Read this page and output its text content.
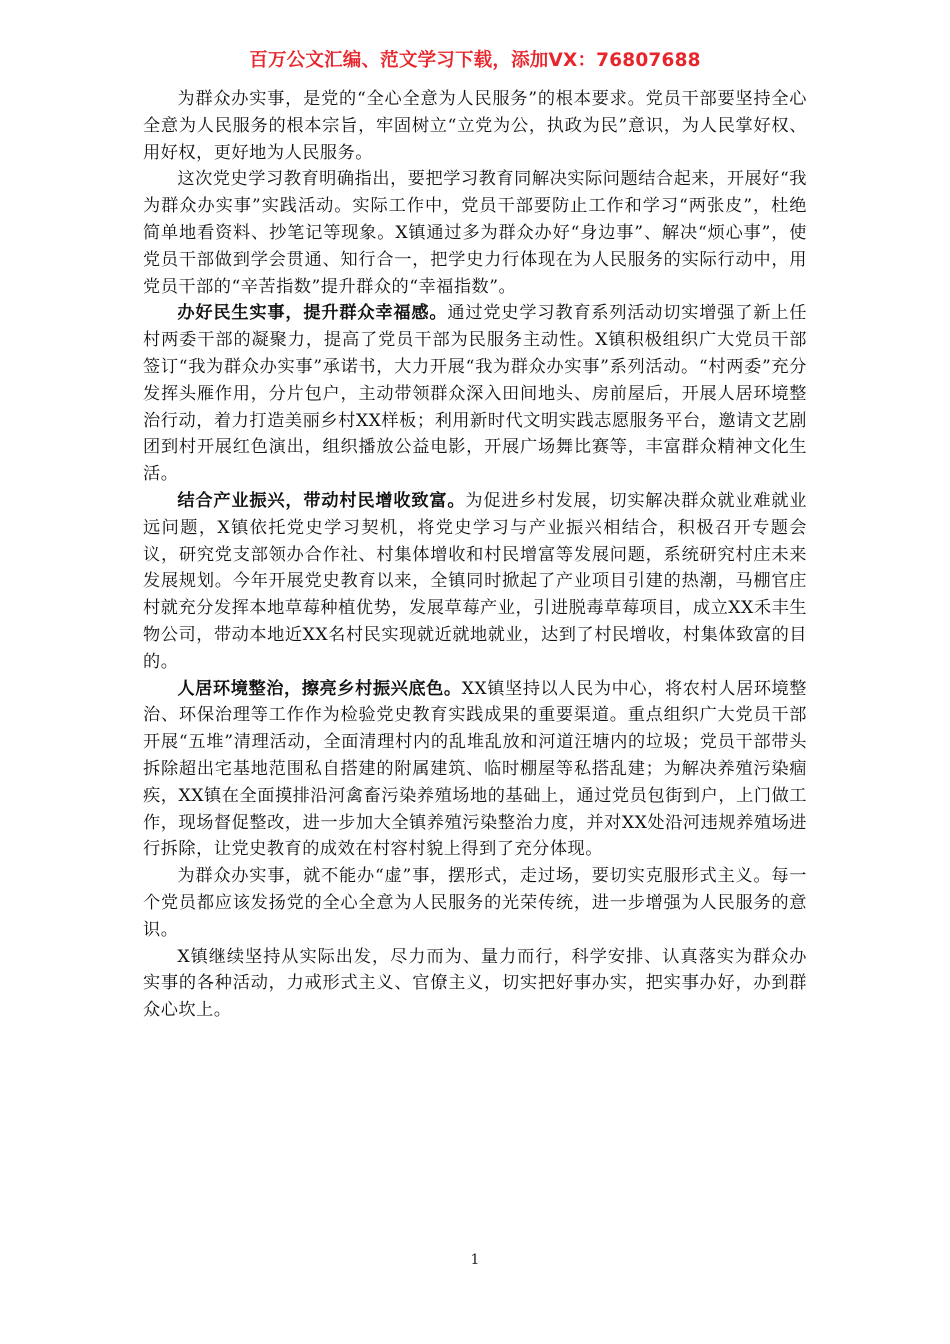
百万公文汇编、范文学习下载，添加VX：76807688

为群众办实事，是党的“全心全意为人民服务”的根本要求。党员干部要坚持全心全意为人民服务的根本宗旨，牢固树立“立党为公，执政为民”意识，为人民掌好权、用好权，更好地为人民服务。

这次党史学习教育明确指出，要把学习教育同解决实际问题结合起来，开展好“我为群众办实事”实践活动。实际工作中，党员干部要防止工作和学习“两张皮”，杜绝简单地看资料、抄笔记等现象。X镇通过多为群众办好“身边事”、解决“烦心事”，使党员干部做到学会贯通、知行合一，把学史力行体现在为人民服务的实际行动中，用党员干部的“辛苦指数”提升群众的“幸福指数”。

办好民生实事，提升群众幸福感。通过党史学习教育系列活动切实增强了新上任村两委干部的凝聚力，提高了党员干部为民服务主动性。X镇积极组织广大党员干部签订“我为群众办实事”承诺书，大力开展“我为群众办实事”系列活动。“村两委”充分发挥头雁作用，分片包户，主动带领群众深入田间地头、房前屋后，开展人居环境整治行动，着力打造美丽乡村XX样板；利用新时代文明实践志愿服务平台，邀请文艺剧团到村开展红色演出，组织播放公益电影，开展广场舞比赛等，丰富群众精神文化生活。

结合产业振兴，带动村民增收致富。为促进乡村发展，切实解决群众就业难就业远问题，X镇依托党史学习契机，将党史学习与产业振兴相结合，积极召开专题会议，研究党支部领办合作社、村集体增收和村民增富等发展问题，系统研究村庄未来发展规划。今年开展党史教育以来，全镇同时掀起了产业项目引建的热潮，马棚官庄村就充分发挥本地草莓种植优势，发展草莓产业，引进脱毒草莓项目，成立XX禾丰生物公司，带动本地近XX名村民实现就近就地就业，达到了村民增收，村集体致富的目的。

人居环境整治，擦亮乡村振兴底色。XX镇坚持以人民为中心，将农村人居环境整治、环保治理等工作作为检验党史教育实践成果的重要渠道。重点组织广大党员干部开展“五堆”清理活动，全面清理村内的乱堆乱放和河道汪塘内的垃圾；党员干部带头拆除超出宅基地范围私自搭建的附属建筑、临时棚屋等私搭乱建；为解决养殖污染痼疾，XX镇在全面摸排沿河禽畜污染养殖场地的基础上，通过党员包街到户，上门做工作，现场督促整改，进一步加大全镇养殖污染整治力度，并对XX处沿河违规养殖场进行拆除，让党史教育的成效在村容村貌上得到了充分体现。

为群众办实事，就不能办“虚”事，摆形式，走过场，要切实克服形式主义。每一个党员都应该发扬党的全心全意为人民服务的光荣传统，进一步增强为人民服务的意识。

X镇继续坚持从实际出发，尽力而为、量力而行，科学安排、认真落实为群众办实事的各种活动，力戒形式主义、官僚主义，切实把好事办实，把实事办好，办到群众心坎上。

1
